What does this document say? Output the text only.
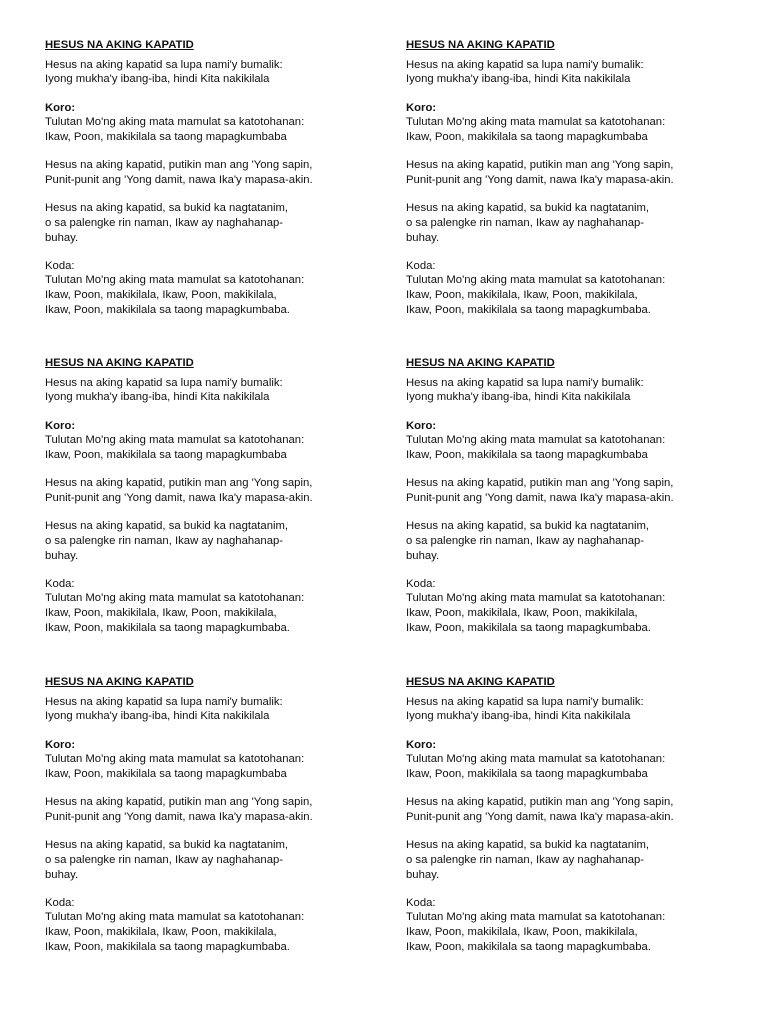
HESUS NA AKING KAPATID
Hesus na aking kapatid sa lupa nami'y bumalik:
Iyong mukha'y ibang-iba, hindi Kita nakikilala
Koro:
Tulutan Mo'ng aking mata mamulat sa katotohanan:
Ikaw, Poon, makikilala sa taong mapagkumbaba
Hesus na aking kapatid, putikin man ang 'Yong sapin,
Punit-punit ang 'Yong damit, nawa Ika'y mapasa-akin.
Hesus na aking kapatid, sa bukid ka nagtatanim,
o sa palengke rin naman, Ikaw ay naghahanap-
buhay.
Koda:
Tulutan Mo'ng aking mata mamulat sa katotohanan:
Ikaw, Poon, makikilala, Ikaw, Poon, makikilala,
Ikaw, Poon, makikilala sa taong mapagkumbaba.
HESUS NA AKING KAPATID
Hesus na aking kapatid sa lupa nami'y bumalik:
Iyong mukha'y ibang-iba, hindi Kita nakikilala
Koro:
Tulutan Mo'ng aking mata mamulat sa katotohanan:
Ikaw, Poon, makikilala sa taong mapagkumbaba
Hesus na aking kapatid, putikin man ang 'Yong sapin,
Punit-punit ang 'Yong damit, nawa Ika'y mapasa-akin.
Hesus na aking kapatid, sa bukid ka nagtatanim,
o sa palengke rin naman, Ikaw ay naghahanap-
buhay.
Koda:
Tulutan Mo'ng aking mata mamulat sa katotohanan:
Ikaw, Poon, makikilala, Ikaw, Poon, makikilala,
Ikaw, Poon, makikilala sa taong mapagkumbaba.
HESUS NA AKING KAPATID
Hesus na aking kapatid sa lupa nami'y bumalik:
Iyong mukha'y ibang-iba, hindi Kita nakikilala
Koro:
Tulutan Mo'ng aking mata mamulat sa katotohanan:
Ikaw, Poon, makikilala sa taong mapagkumbaba
Hesus na aking kapatid, putikin man ang 'Yong sapin,
Punit-punit ang 'Yong damit, nawa Ika'y mapasa-akin.
Hesus na aking kapatid, sa bukid ka nagtatanim,
o sa palengke rin naman, Ikaw ay naghahanap-
buhay.
Koda:
Tulutan Mo'ng aking mata mamulat sa katotohanan:
Ikaw, Poon, makikilala, Ikaw, Poon, makikilala,
Ikaw, Poon, makikilala sa taong mapagkumbaba.
HESUS NA AKING KAPATID
Hesus na aking kapatid sa lupa nami'y bumalik:
Iyong mukha'y ibang-iba, hindi Kita nakikilala
Koro:
Tulutan Mo'ng aking mata mamulat sa katotohanan:
Ikaw, Poon, makikilala sa taong mapagkumbaba
Hesus na aking kapatid, putikin man ang 'Yong sapin,
Punit-punit ang 'Yong damit, nawa Ika'y mapasa-akin.
Hesus na aking kapatid, sa bukid ka nagtatanim,
o sa palengke rin naman, Ikaw ay naghahanap-
buhay.
Koda:
Tulutan Mo'ng aking mata mamulat sa katotohanan:
Ikaw, Poon, makikilala, Ikaw, Poon, makikilala,
Ikaw, Poon, makikilala sa taong mapagkumbaba.
HESUS NA AKING KAPATID
Hesus na aking kapatid sa lupa nami'y bumalik:
Iyong mukha'y ibang-iba, hindi Kita nakikilala
Koro:
Tulutan Mo'ng aking mata mamulat sa katotohanan:
Ikaw, Poon, makikilala sa taong mapagkumbaba
Hesus na aking kapatid, putikin man ang 'Yong sapin,
Punit-punit ang 'Yong damit, nawa Ika'y mapasa-akin.
Hesus na aking kapatid, sa bukid ka nagtatanim,
o sa palengke rin naman, Ikaw ay naghahanap-
buhay.
Koda:
Tulutan Mo'ng aking mata mamulat sa katotohanan:
Ikaw, Poon, makikilala, Ikaw, Poon, makikilala,
Ikaw, Poon, makikilala sa taong mapagkumbaba.
HESUS NA AKING KAPATID
Hesus na aking kapatid sa lupa nami'y bumalik:
Iyong mukha'y ibang-iba, hindi Kita nakikilala
Koro:
Tulutan Mo'ng aking mata mamulat sa katotohanan:
Ikaw, Poon, makikilala sa taong mapagkumbaba
Hesus na aking kapatid, putikin man ang 'Yong sapin,
Punit-punit ang 'Yong damit, nawa Ika'y mapasa-akin.
Hesus na aking kapatid, sa bukid ka nagtatanim,
o sa palengke rin naman, Ikaw ay naghahanap-
buhay.
Koda:
Tulutan Mo'ng aking mata mamulat sa katotohanan:
Ikaw, Poon, makikilala, Ikaw, Poon, makikilala,
Ikaw, Poon, makikilala sa taong mapagkumbaba.
